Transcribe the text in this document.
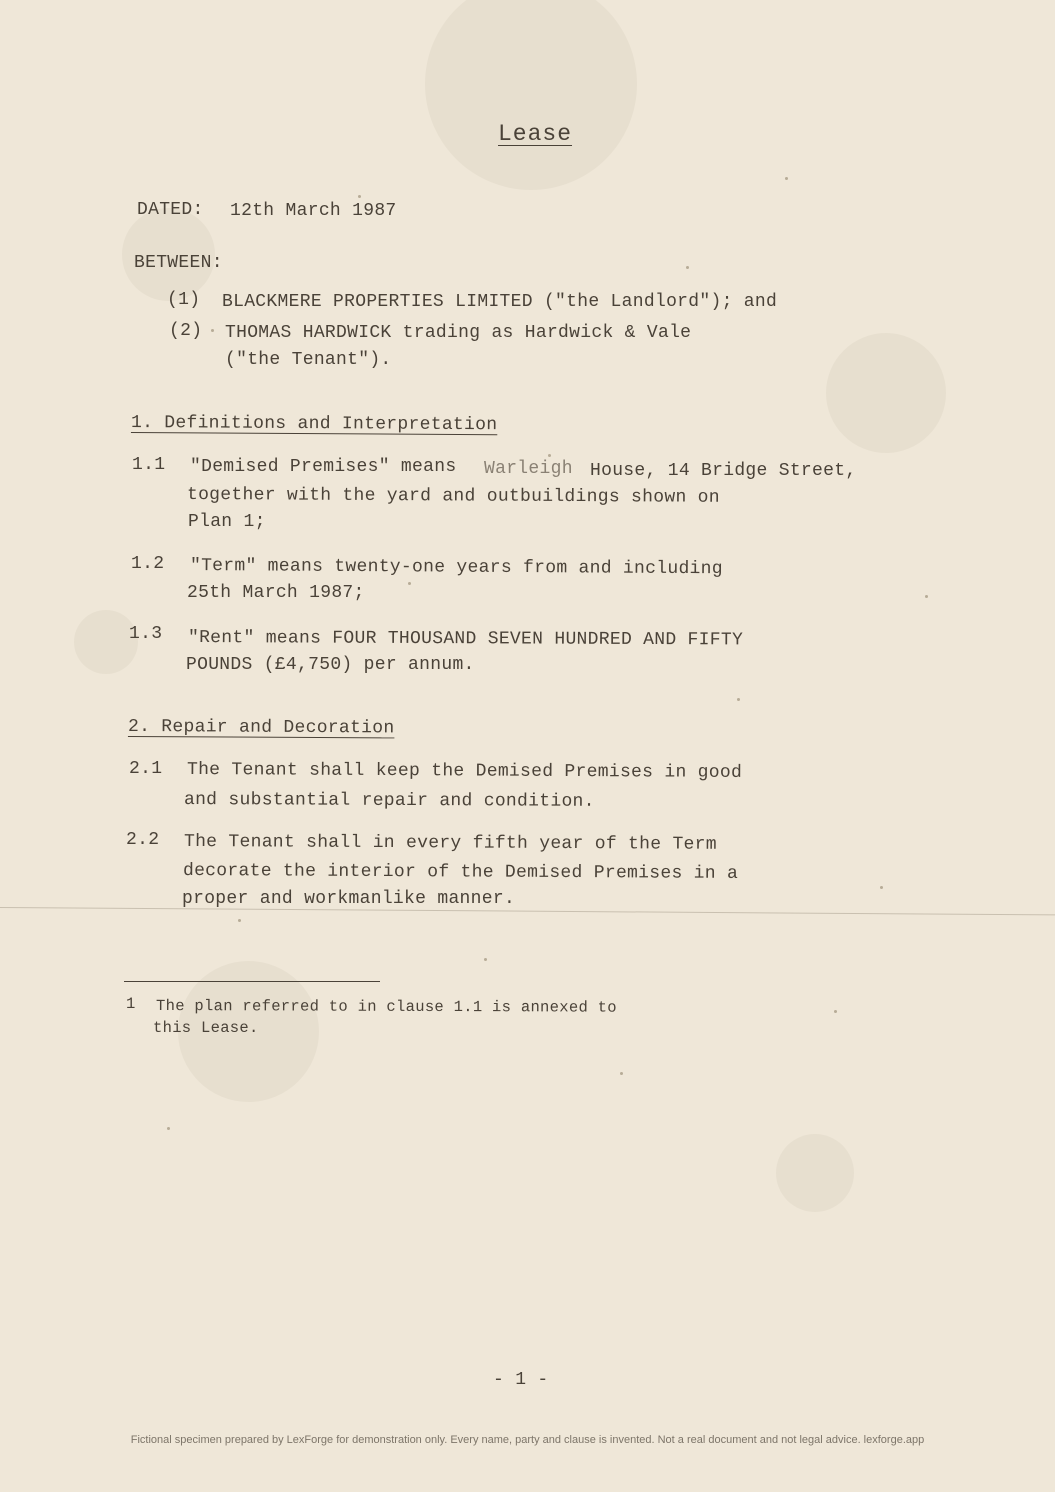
Lease
DATED: 12th March 1987
BETWEEN:
(1) BLACKMERE PROPERTIES LIMITED ("the Landlord"); and
(2) THOMAS HARDWICK trading as Hardwick & Vale
("the Tenant").
1. Definitions and Interpretation
1.1 "Demised Premises" means Warleigh House, 14 Bridge Street,
together with the yard and outbuildings shown on
Plan 1;
1.2 "Term" means twenty-one years from and including
25th March 1987;
1.3 "Rent" means FOUR THOUSAND SEVEN HUNDRED AND FIFTY
POUNDS (£4,750) per annum.
2. Repair and Decoration
2.1 The Tenant shall keep the Demised Premises in good
and substantial repair and condition.
2.2 The Tenant shall in every fifth year of the Term
decorate the interior of the Demised Premises in a
proper and workmanlike manner.
1 The plan referred to in clause 1.1 is annexed to
this Lease.
- 1 -
Fictional specimen prepared by LexForge for demonstration only. Every name, party and clause is invented. Not a real document and not legal advice. lexforge.app
